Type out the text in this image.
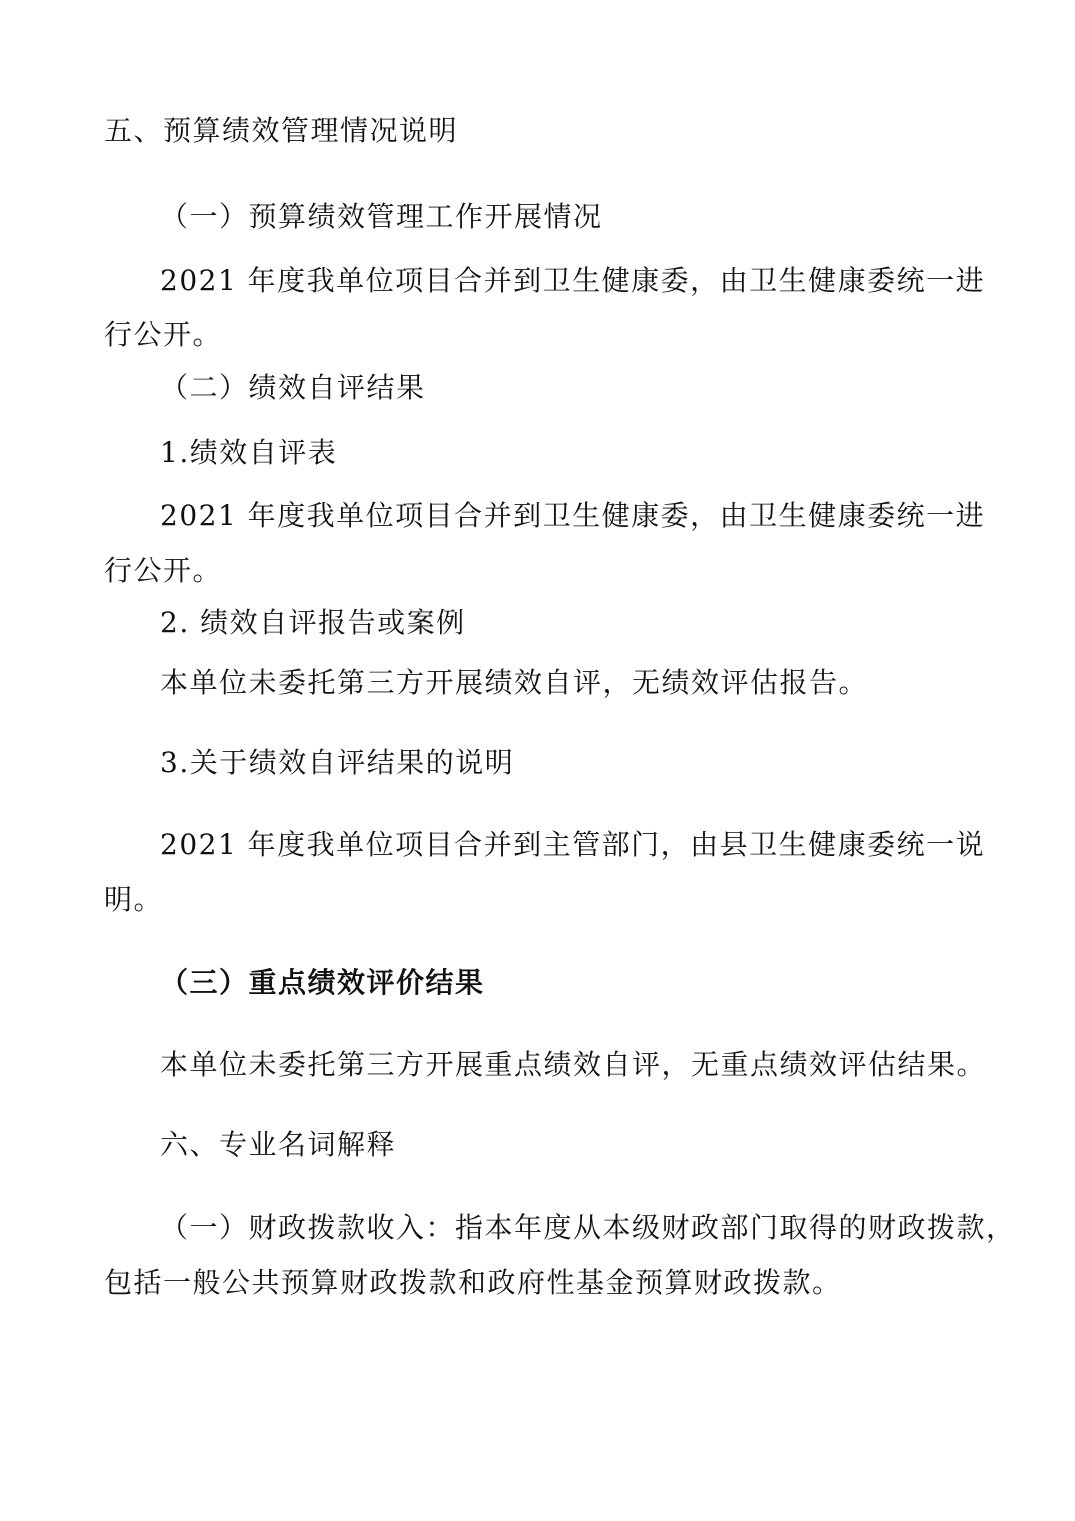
五、预算绩效管理情况说明
（一）预算绩效管理工作开展情况
2021 年度我单位项目合并到卫生健康委，由卫生健康委统一进
行公开。
（二）绩效自评结果
1.绩效自评表
2021 年度我单位项目合并到卫生健康委，由卫生健康委统一进
行公开。
2. 绩效自评报告或案例
本单位未委托第三方开展绩效自评，无绩效评估报告。
3.关于绩效自评结果的说明
2021 年度我单位项目合并到主管部门，由县卫生健康委统一说
明。
（三）重点绩效评价结果
本单位未委托第三方开展重点绩效自评，无重点绩效评估结果。
六、专业名词解释
（一）财政拨款收入：指本年度从本级财政部门取得的财政拨款，
包括一般公共预算财政拨款和政府性基金预算财政拨款。
